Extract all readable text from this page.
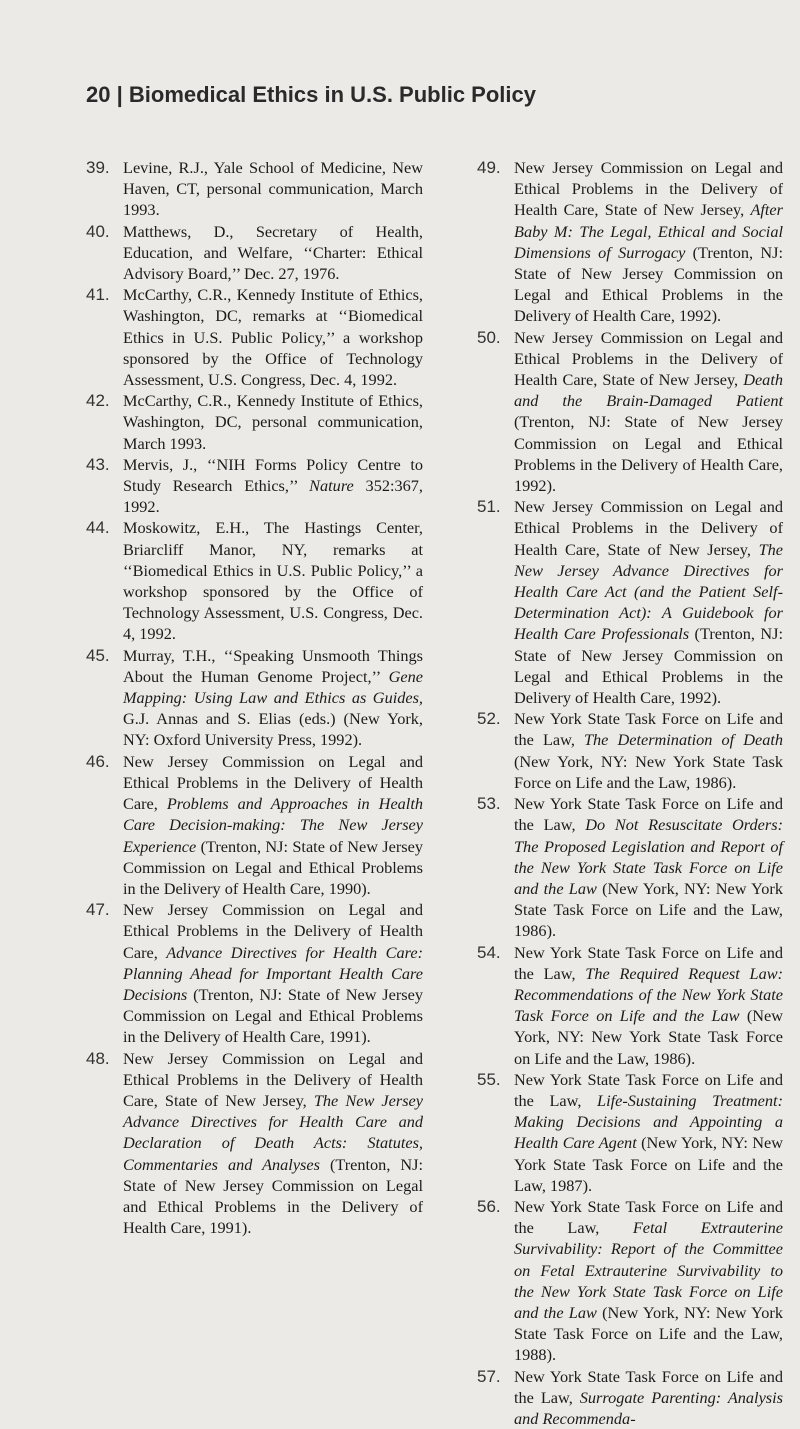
20 | Biomedical Ethics in U.S. Public Policy

39. Levine, R.J., Yale School of Medicine, New Haven, CT, personal communication, March 1993.

40. Matthews, D., Secretary of Health, Education, and Welfare, ‘‘Charter: Ethical Advisory Board,’’ Dec. 27, 1976.

41. McCarthy, C.R., Kennedy Institute of Ethics, Washington, DC, remarks at ‘‘Biomedical Ethics in U.S. Public Policy,’’ a workshop sponsored by the Office of Technology Assessment, U.S. Congress, Dec. 4, 1992.

42. McCarthy, C.R., Kennedy Institute of Ethics, Washington, DC, personal communication, March 1993.

43. Mervis, J., ‘‘NIH Forms Policy Centre to Study Research Ethics,’’ Nature 352:367, 1992.

44. Moskowitz, E.H., The Hastings Center, Briarcliff Manor, NY, remarks at ‘‘Biomedical Ethics in U.S. Public Policy,’’ a workshop sponsored by the Office of Technology Assessment, U.S. Congress, Dec. 4, 1992.

45. Murray, T.H., ‘‘Speaking Unsmooth Things About the Human Genome Project,’’ Gene Mapping: Using Law and Ethics as Guides, G.J. Annas and S. Elias (eds.) (New York, NY: Oxford University Press, 1992).

46. New Jersey Commission on Legal and Ethical Problems in the Delivery of Health Care, Problems and Approaches in Health Care Decision-making: The New Jersey Experience (Trenton, NJ: State of New Jersey Commission on Legal and Ethical Problems in the Delivery of Health Care, 1990).

47. New Jersey Commission on Legal and Ethical Problems in the Delivery of Health Care, Advance Directives for Health Care: Planning Ahead for Important Health Care Decisions (Trenton, NJ: State of New Jersey Commission on Legal and Ethical Problems in the Delivery of Health Care, 1991).

48. New Jersey Commission on Legal and Ethical Problems in the Delivery of Health Care, State of New Jersey, The New Jersey Advance Directives for Health Care and Declaration of Death Acts: Statutes, Commentaries and Analyses (Trenton, NJ: State of New Jersey Commission on Legal and Ethical Problems in the Delivery of Health Care, 1991).

49. New Jersey Commission on Legal and Ethical Problems in the Delivery of Health Care, State of New Jersey, After Baby M: The Legal, Ethical and Social Dimensions of Surrogacy (Trenton, NJ: State of New Jersey Commission on Legal and Ethical Problems in the Delivery of Health Care, 1992).

50. New Jersey Commission on Legal and Ethical Problems in the Delivery of Health Care, State of New Jersey, Death and the Brain-Damaged Patient (Trenton, NJ: State of New Jersey Commission on Legal and Ethical Problems in the Delivery of Health Care, 1992).

51. New Jersey Commission on Legal and Ethical Problems in the Delivery of Health Care, State of New Jersey, The New Jersey Advance Directives for Health Care Act (and the Patient Self-Determination Act): A Guidebook for Health Care Professionals (Trenton, NJ: State of New Jersey Commission on Legal and Ethical Problems in the Delivery of Health Care, 1992).

52. New York State Task Force on Life and the Law, The Determination of Death (New York, NY: New York State Task Force on Life and the Law, 1986).

53. New York State Task Force on Life and the Law, Do Not Resuscitate Orders: The Proposed Legislation and Report of the New York State Task Force on Life and the Law (New York, NY: New York State Task Force on Life and the Law, 1986).

54. New York State Task Force on Life and the Law, The Required Request Law: Recommendations of the New York State Task Force on Life and the Law (New York, NY: New York State Task Force on Life and the Law, 1986).

55. New York State Task Force on Life and the Law, Life-Sustaining Treatment: Making Decisions and Appointing a Health Care Agent (New York, NY: New York State Task Force on Life and the Law, 1987).

56. New York State Task Force on Life and the Law, Fetal Extrauterine Survivability: Report of the Committee on Fetal Extrauterine Survivability to the New York State Task Force on Life and the Law (New York, NY: New York State Task Force on Life and the Law, 1988).

57. New York State Task Force on Life and the Law, Surrogate Parenting: Analysis and Recommenda-
